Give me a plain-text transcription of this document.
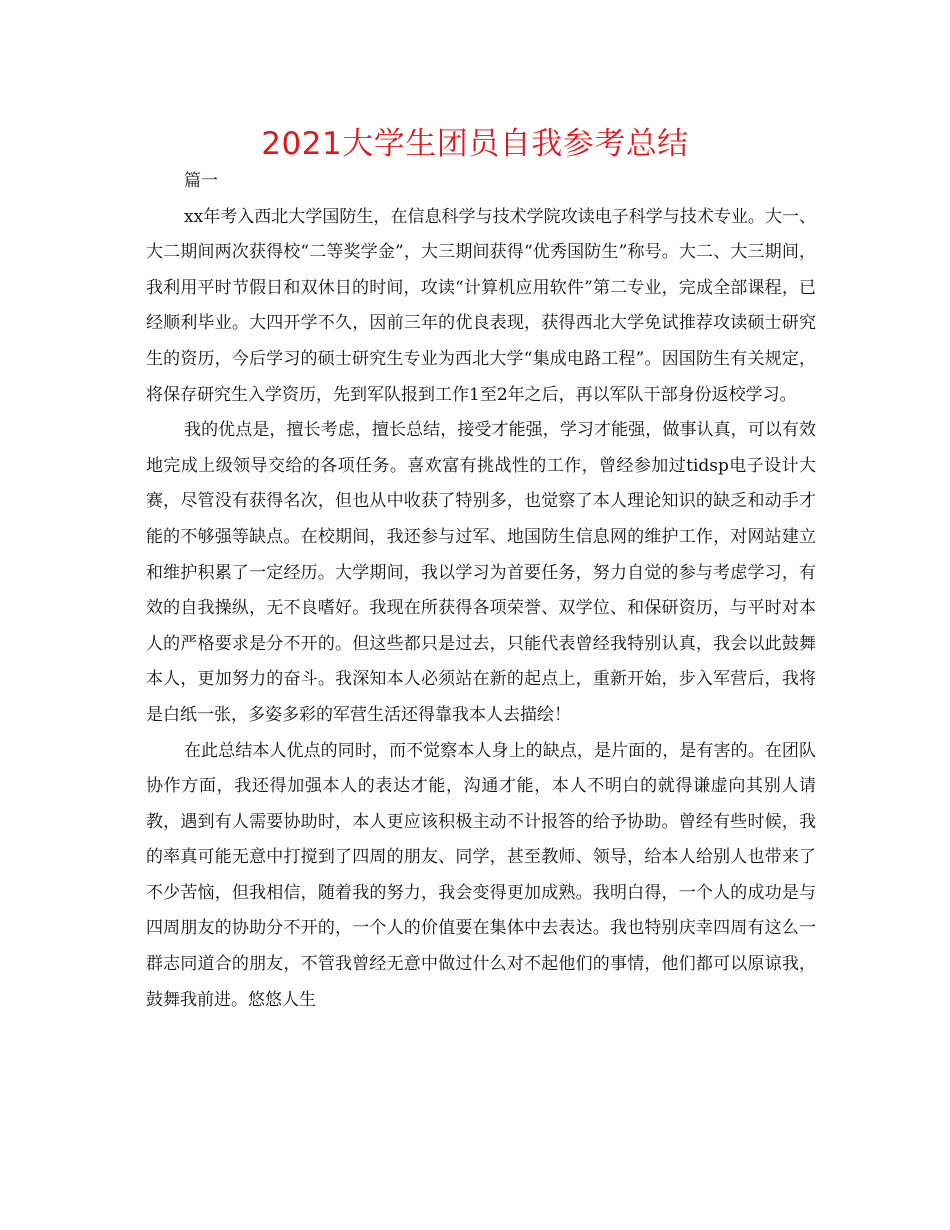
2021大学生团员自我参考总结

篇一

xx年考入西北大学国防生，在信息科学与技术学院攻读电子科学与技术专业。大一、大二期间两次获得校“二等奖学金”，大三期间获得“优秀国防生”称号。大二、大三期间，我利用平时节假日和双休日的时间，攻读“计算机应用软件”第二专业，完成全部课程，已经顺利毕业。大四开学不久，因前三年的优良表现，获得西北大学免试推荐攻读硕士研究生的资历，今后学习的硕士研究生专业为西北大学“集成电路工程”。因国防生有关规定，将保存研究生入学资历，先到军队报到工作1至2年之后，再以军队干部身份返校学习。

我的优点是，擅长考虑，擅长总结，接受才能强，学习才能强，做事认真，可以有效地完成上级领导交给的各项任务。喜欢富有挑战性的工作，曾经参加过tidsp电子设计大赛，尽管没有获得名次，但也从中收获了特别多，也觉察了本人理论知识的缺乏和动手才能的不够强等缺点。在校期间，我还参与过军、地国防生信息网的维护工作，对网站建立和维护积累了一定经历。大学期间，我以学习为首要任务，努力自觉的参与考虑学习，有效的自我操纵，无不良嗜好。我现在所获得各项荣誉、双学位、和保研资历，与平时对本人的严格要求是分不开的。但这些都只是过去，只能代表曾经我特别认真，我会以此鼓舞本人，更加努力的奋斗。我深知本人必须站在新的起点上，重新开始，步入军营后，我将是白纸一张，多姿多彩的军营生活还得靠我本人去描绘！

在此总结本人优点的同时，而不觉察本人身上的缺点，是片面的，是有害的。在团队协作方面，我还得加强本人的表达才能，沟通才能，本人不明白的就得谦虚向其别人请教，遇到有人需要协助时，本人更应该积极主动不计报答的给予协助。曾经有些时候，我的率真可能无意中打搅到了四周的朋友、同学，甚至教师、领导，给本人给别人也带来了不少苦恼，但我相信，随着我的努力，我会变得更加成熟。我明白得，一个人的成功是与四周朋友的协助分不开的，一个人的价值要在集体中去表达。我也特别庆幸四周有这么一群志同道合的朋友，不管我曾经无意中做过什么对不起他们的事情，他们都可以原谅我，鼓舞我前进。悠悠人生
